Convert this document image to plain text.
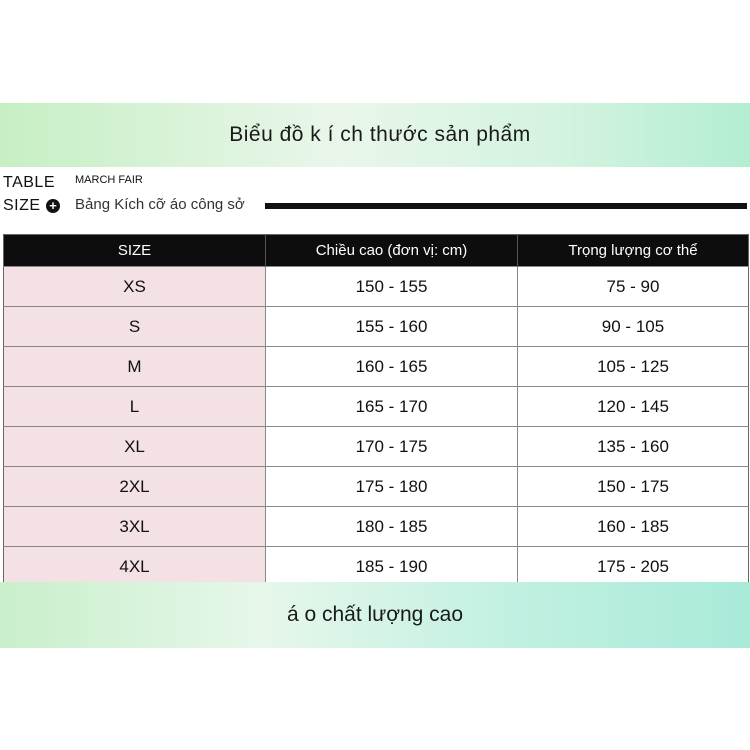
Biểu đồ k í ch thước sản phẩm
TABLE MARCH FAIR
SIZE + Bảng Kích cỡ áo công sở
SIZE	Chiều cao (đơn vị: cm)	Trọng lượng cơ thể
XS	150 - 155	75 - 90
S	155 - 160	90 - 105
M	160 - 165	105 - 125
L	165 - 170	120 - 145
XL	170 - 175	135 - 160
2XL	175 - 180	150 - 175
3XL	180 - 185	160 - 185
4XL	185 - 190	175 - 205
á o chất lượng cao
